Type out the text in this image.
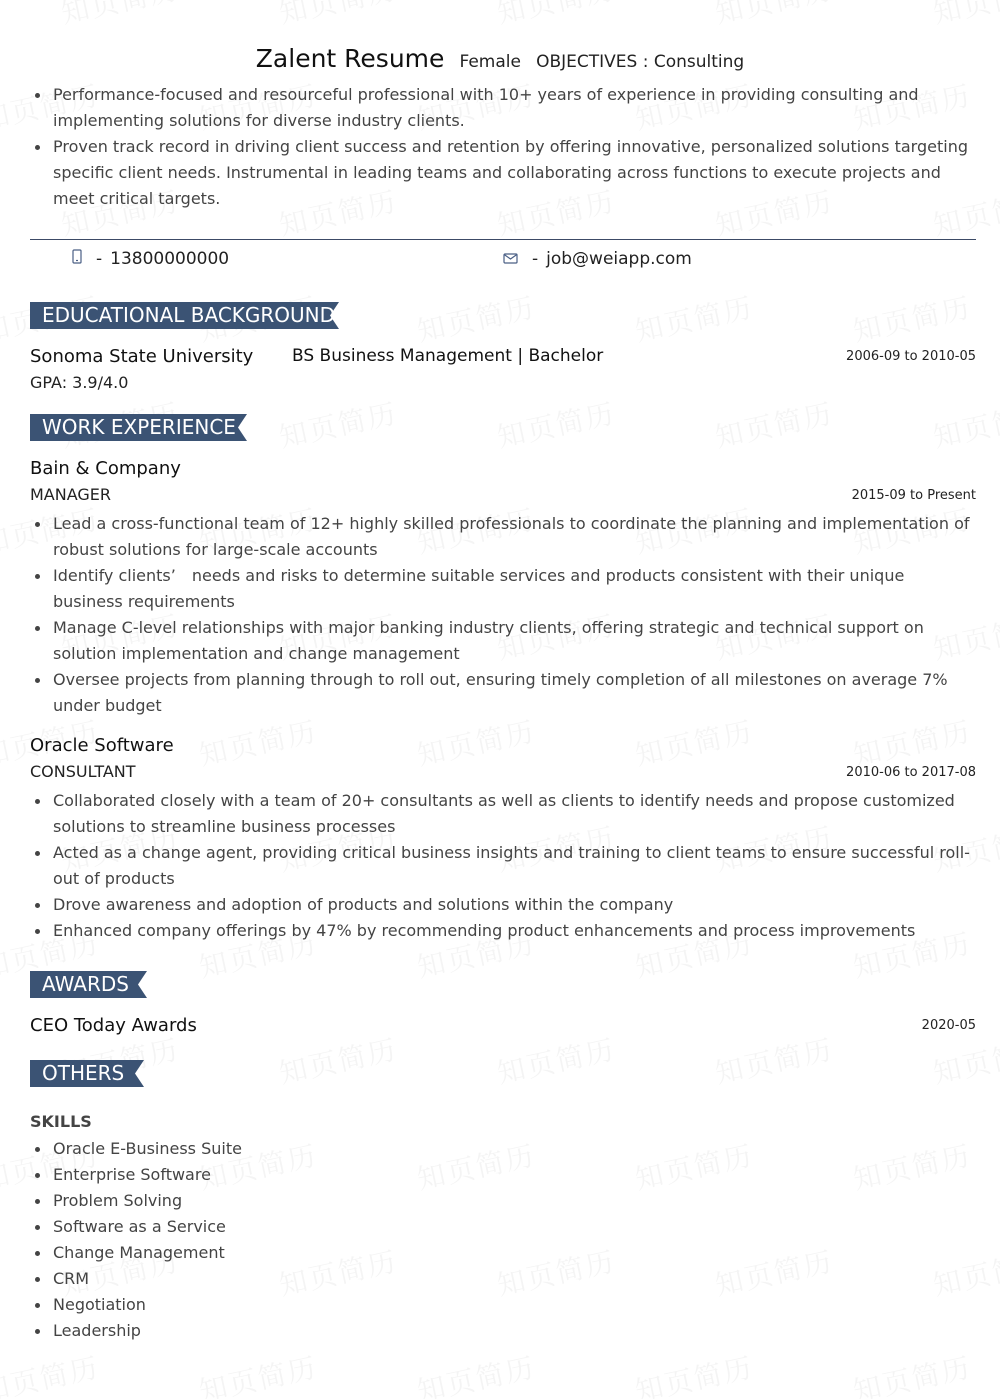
Zalent Resume Female OBJECTIVES : Consulting
Performance-focused and resourceful professional with 10+ years of experience in providing consulting and implementing solutions for diverse industry clients.
Proven track record in driving client success and retention by offering innovative, personalized solutions targeting specific client needs. Instrumental in leading teams and collaborating across functions to execute projects and meet critical targets.
- 13800000000	- job@weiapp.com
EDUCATIONAL BACKGROUND
Sonoma State University BS Business Management | Bachelor	2006-09 to 2010-05
GPA: 3.9/4.0
WORK EXPERIENCE
Bain & Company
MANAGER	2015-09 to Present
Lead a cross-functional team of 12+ highly skilled professionals to coordinate the planning and implementation of robust solutions for large-scale accounts
Identify clients’　needs and risks to determine suitable services and products consistent with their unique business requirements
Manage C-level relationships with major banking industry clients, offering strategic and technical support on solution implementation and change management
Oversee projects from planning through to roll out, ensuring timely completion of all milestones on average 7% under budget
Oracle Software
CONSULTANT	2010-06 to 2017-08
Collaborated closely with a team of 20+ consultants as well as clients to identify needs and propose customized solutions to streamline business processes
Acted as a change agent, providing critical business insights and training to client teams to ensure successful roll-out of products
Drove awareness and adoption of products and solutions within the company
Enhanced company offerings by 47% by recommending product enhancements and process improvements
AWARDS
CEO Today Awards	2020-05
OTHERS
SKILLS
Oracle E-Business Suite
Enterprise Software
Problem Solving
Software as a Service
Change Management
CRM
Negotiation
Leadership
